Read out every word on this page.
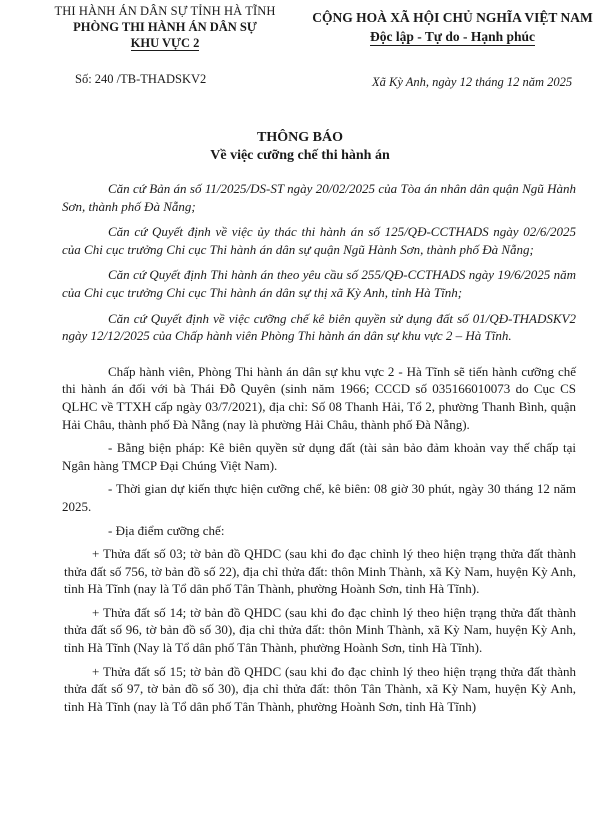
THI HÀNH ÁN DÂN SỰ TỈNH HÀ TĨNH
PHÒNG THI HÀNH ÁN DÂN SỰ
KHU VỰC 2
Số: 240 /TB-THADSKV2
CỘNG HOÀ XÃ HỘI CHỦ NGHĨA VIỆT NAM
Độc lập - Tự do - Hạnh phúc
Xã Kỳ Anh, ngày 12 tháng 12 năm 2025
THÔNG BÁO
Về việc cưỡng chế thi hành án

Căn cứ Bản án số 11/2025/DS-ST ngày 20/02/2025 của Tòa án nhân dân quận Ngũ Hành Sơn, thành phố Đà Nẵng;

Căn cứ Quyết định về việc ủy thác thi hành án số 125/QĐ-CCTHADS ngày 02/6/2025 của Chi cục trưởng Chi cục Thi hành án dân sự quận Ngũ Hành Sơn, thành phố Đà Nẵng;

Căn cứ Quyết định Thi hành án theo yêu cầu số 255/QĐ-CCTHADS ngày 19/6/2025 năm của Chi cục trưởng Chi cục Thi hành án dân sự thị xã Kỳ Anh, tỉnh Hà Tĩnh;

Căn cứ Quyết định về việc cưỡng chế kê biên quyền sử dụng đất số 01/QĐ-THADSKV2 ngày 12/12/2025 của Chấp hành viên Phòng Thi hành án dân sự khu vực 2 – Hà Tĩnh.

Chấp hành viên, Phòng Thi hành án dân sự khu vực 2 - Hà Tĩnh sẽ tiến hành cưỡng chế thi hành án đối với bà Thái Đỗ Quyên (sinh năm 1966; CCCD số 035166010073 do Cục CS QLHC về TTXH cấp ngày 03/7/2021), địa chỉ: Số 08 Thanh Hải, Tổ 2, phường Thanh Bình, quận Hải Châu, thành phố Đà Nẵng (nay là phường Hải Châu, thành phố Đà Nẵng).

- Bằng biện pháp: Kê biên quyền sử dụng đất (tài sản bảo đảm khoản vay thế chấp tại Ngân hàng TMCP Đại Chúng Việt Nam).

- Thời gian dự kiến thực hiện cưỡng chế, kê biên: 08 giờ 30 phút, ngày 30 tháng 12 năm 2025.

- Địa điểm cưỡng chế:

+ Thửa đất số 03; tờ bản đồ QHDC (sau khi đo đạc chỉnh lý theo hiện trạng thửa đất thành thửa đất số 756, tờ bản đồ số 22), địa chỉ thửa đất: thôn Minh Thành, xã Kỳ Nam, huyện Kỳ Anh, tỉnh Hà Tĩnh (nay là Tổ dân phố Tân Thành, phường Hoành Sơn, tỉnh Hà Tĩnh).

+ Thửa đất số 14; tờ bản đồ QHDC (sau khi đo đạc chỉnh lý theo hiện trạng thửa đất thành thửa đất số 96, tờ bản đồ số 30), địa chỉ thửa đất: thôn Minh Thành, xã Kỳ Nam, huyện Kỳ Anh, tỉnh Hà Tĩnh (Nay là Tổ dân phố Tân Thành, phường Hoành Sơn, tỉnh Hà Tĩnh).

+ Thửa đất số 15; tờ bản đồ QHDC (sau khi đo đạc chỉnh lý theo hiện trạng thửa đất thành thửa đất số 97, tờ bản đồ số 30), địa chỉ thửa đất: thôn Tân Thành, xã Kỳ Nam, huyện Kỳ Anh, tỉnh Hà Tĩnh (nay là Tổ dân phố Tân Thành, phường Hoành Sơn, tỉnh Hà Tĩnh)
